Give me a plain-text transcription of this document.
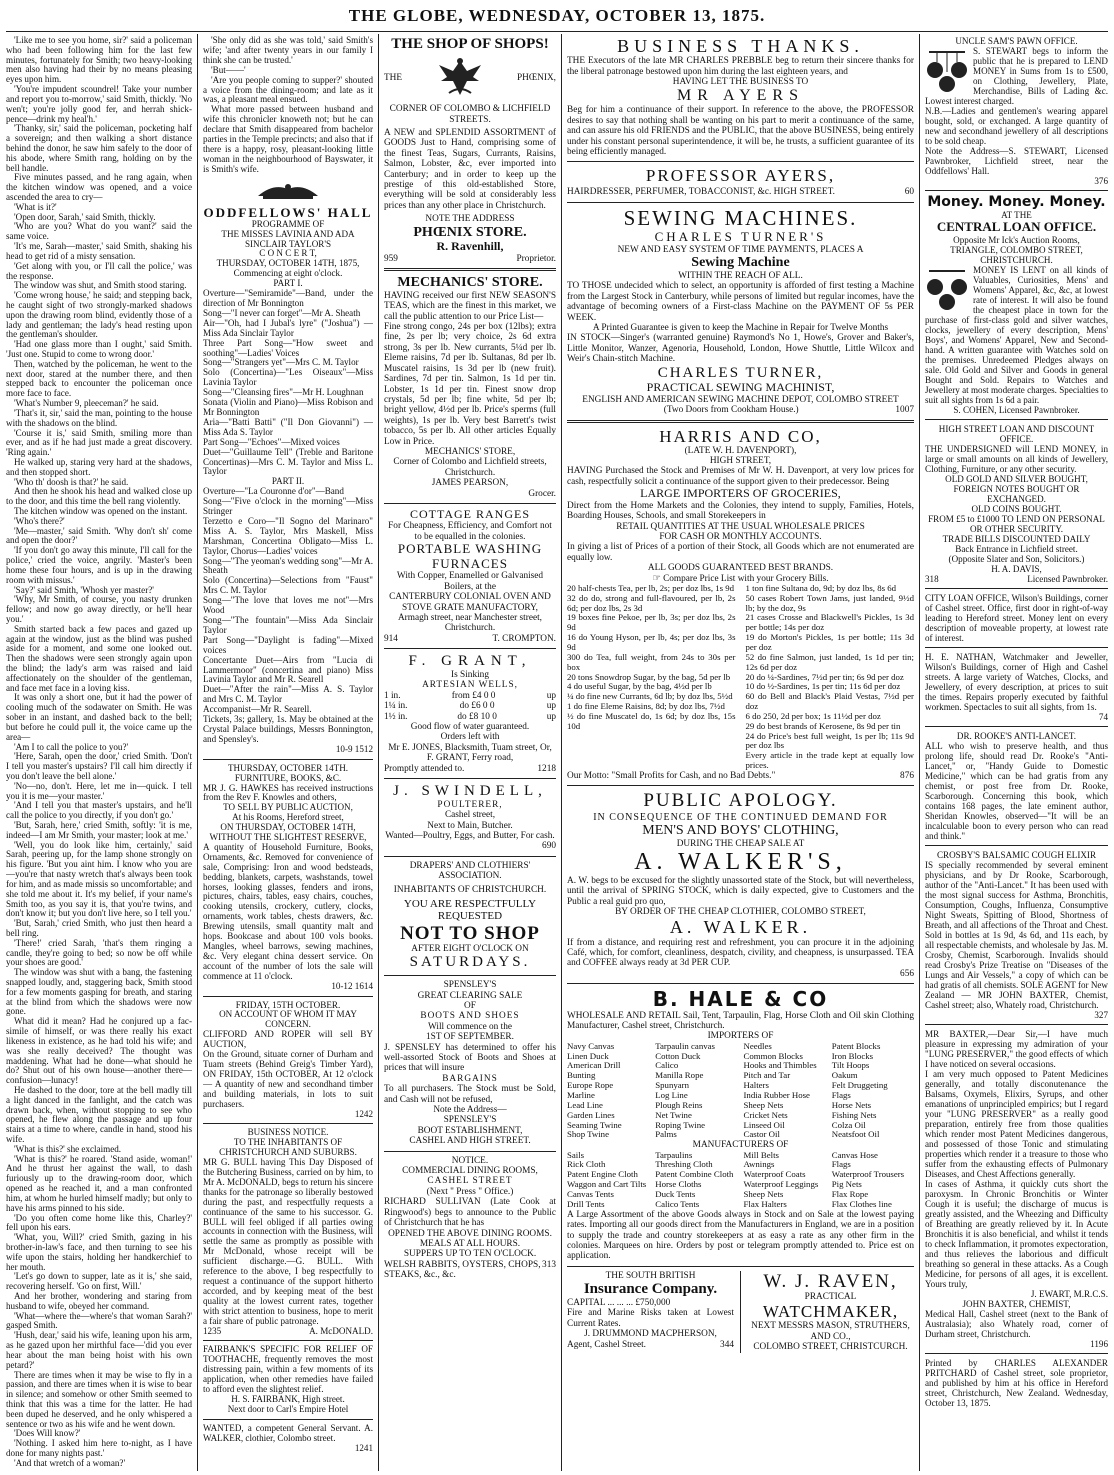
THE GLOBE, WEDNESDAY, OCTOBER 13, 1875.

'Like me to see you home, sir?' said a policeman who had been following him for the last few minutes, fortunately for Smith; two heavy-looking men also having had their by no means pleasing eyes upon him.

'You're impudent scoundrel! Take your number and report you to-morrow,' said Smith, thickly. 'No wen't; you're jolly good fer, and herrah shick-pence—drink my heal'h.'

'Thanky, sir,' said the policeman, pocketing half a sovereign; and then walking a short distance behind the donor, he saw him safely to the door of his abode, where Smith rang, holding on by the bell handle.

Five minutes passed, and he rang again, when the kitchen window was opened, and a voice ascended the area to cry—

'What is it?'

'Open door, Sarah,' said Smith, thickly.

'Who are you? What do you want?' said the same voice.

'It's me, Sarah—master,' said Smith, shaking his head to get rid of a misty sensation.

'Get along with you, or I'll call the police,' was the response.

The window was shut, and Smith stood staring.

'Come wrong house,' he said; and stepping back, he caught sight of two strongly-marked shadows upon the drawing room blind, evidently those of a lady and gentleman; the lady's head resting upon the gentleman's shoulder.

'Had one glass more than I ought,' said Smith. 'Just one. Stupid to come to wrong door.'

Then, watched by the policeman, he went to the next door, stared at the number there, and then stepped back to encounter the policeman once more face to face.

'What's Number 9, pleeceman?' he said.

'That's it, sir,' said the man, pointing to the house with the shadows on the blind.

'Course it is,' said Smith, smiling more than ever, and as if he had just made a great discovery. 'Ring again.'

He walked up, staring very hard at the shadows, and then stopped short.

'Who th' doosh is that?' he said.

And then he shook his head and walked close up to the door, and this time the bell rang violently.

The kitchen window was opened on the instant.

'Who's there?'

'Me—master,' said Smith. 'Why don't sh' come and open the door?'

'If you don't go away this minute, I'll call for the police,' cried the voice, angrily. 'Master's been home these four hours, and is up in the drawing room with missus.'

'Say?' said Smith, 'Whosh yer master?'

'Why, Mr Smith, of course, you nasty drunken fellow; and now go away directly, or he'll hear you.'

Smith started back a few paces and gazed up again at the window, just as the blind was pushed aside for a moment, and some one looked out. Then the shadows were seen strongly again upon the blind; the lady's arm was raised and laid affectionately on the shoulder of the gentleman, and face met face in a loving kiss.

It was only a short one, but it had the power of cooling much of the sodawater on Smith. He was sober in an instant, and dashed back to the bell; but before he could pull it, the voice came up the area—

'Am I to call the police to you?'

'Here, Sarah, open the door,' cried Smith. 'Don't I tell you master's upstairs? I'll call him directly if you don't leave the bell alone.'

'No—no, don't. Here, let me in—quick. I tell you it is me—your master.'

'And I tell you that master's upstairs, and he'll call the police to you directly, if you don't go.'

'But, Sarah, here,' cried Smith, softly: 'it is me, indeed—I am Mr Smith, your master; look at me.'

'Well, you do look like him, certainly,' said Sarah, peering up, for the lamp shone strongly on his figure. 'But you aint him. I know who you are—you're that nasty wretch that's always been took for him, and as made missis so uncomfortable; and she told me about it. It's my belief, if your name's Smith too, as you say it is, that you're twins, and don't know it; but you don't live here, so I tell you.'

'But, Sarah,' cried Smith, who just then heard a bell ring.

'There!' cried Sarah, 'that's them ringing a candle, they're going to bed; so now be off while your shoes are good.'

The window was shut with a bang, the fastening snapped loudly, and, staggering back, Smith stood for a few moments gasping for breath, and staring at the blind from which the shadows were now gone.

What did it mean? Had he conjured up a fac-simile of himself, or was there really his exact likeness in existence, as he had told his wife; and was she really deceived? The thought was maddening. What had he done—what should he do? Shut out of his own house—another there—confusion—lunacy!

He dashed to the door, tore at the bell madly till a light danced in the fanlight, and the catch was drawn back, when, without stopping to see who opened, he flew along the passage and up four stairs at a time to where, candle in hand, stood his wife.

'What is this?' she exclaimed.

'What is this?' he roared. 'Stand aside, woman!' And he thrust her against the wall, to dash furiously up to the drawing-room door, which opened as he reached it, and a man confronted him, at whom he hurled himself madly; but only to have his arms pinned to his side.

'Do you often come home like this, Charley?' fell upon his ears.

'What, you, Will?' cried Smith, gazing in his brother-in-law's face, and then turning to see his wife upon the stairs, holding her handkerchief to her mouth.

'Let's go down to supper, late as it is,' she said, recovering herself. 'Go on first, Will.'

And her brother, wondering and staring from husband to wife, obeyed her command.

'What—where the—where's that woman Sarah?' gasped Smith.

'Hush, dear,' said his wife, leaning upon his arm, as he gazed upon her mirthful face—'did you ever hear about the man being hoist with his own petard?'

There are times when it may be wise to fly in a passion, and there are times when it is wise to bear in silence; and somehow or other Smith seemed to think that this was a time for the latter. He had been duped he deserved, and he only whispered a sentence or two as his wife and he went down.

'Does Will know?'

'Nothing. I asked him here to-night, as I have done for many nights past.'

'And that wretch of a woman?'

'She only did as she was told,' said Smith's wife; 'and after twenty years in our family I think she can be trusted.'

'But——'

'Are you people coming to supper?' shouted a voice from the dining-room; and late as it was, a pleasant meal ensued.

What more passed between husband and wife this chronicler knoweth not; but he can declare that Smith disappeared from bachelor parties in the Temple precincts; and also that if there is a happy, rosy, pleasant-looking little woman in the neighbourhood of Bayswater, it is Smith's wife.

ODDFELLOWS' HALL
PROGRAMME OF
THE MISSES LAVINIA AND ADA SINCLAIR TAYLOR'S
C O N C E R T,
THURSDAY, OCTOBER 14TH, 1875,
Commencing at eight o'clock.
PART I.

Overture—"Semiramide"—Band, under the direction of Mr Bonnington

Song—"I never can forget"—Mr A. Sheath

Air—"Oh, had I Jubal's lyre" ("Joshua") —Miss Ada Sinclair Taylor

Three Part Song—"How sweet and soothing"—Ladies' Voices

Song—"Strangers yet"—Mrs C. M. Taylor

Solo (Concertina)—"Les Oiseaux"—Miss Lavinia Taylor

Song—"Cleansing fires"—Mr H. Loughnan

Sonata (Violin and Piano)—Miss Robison and Mr Bonnington

Aria—"Batti Batti" ("Il Don Giovanni") —Miss Ada S. Taylor

Part Song—"Echoes"—Mixed voices

Duet—"Guillaume Tell" (Treble and Baritone Concertinas)—Mrs C. M. Taylor and Miss L. Taylor

PART II.

Overture—"La Couronne d'or"—Band

Song—"Five o'clock in the morning"—Miss Stringer

Terzetto e Coro—"Il Sogno del Marinaro" Miss A. S. Taylor, Mrs Maskell, Miss Marshman, Concertina Obligato—Miss L. Taylor, Chorus—Ladies' voices

Song—"The yeoman's wedding song"—Mr A. Sheath

Solo (Concertina)—Selections from "Faust" Mrs C. M. Taylor

Song—"The love that loves me not"—Mrs Wood

Song—"The fountain"—Miss Ada Sinclair Taylor

Part Song—"Daylight is fading"—Mixed voices

Concertante Duet—Airs from "Lucia di Lammermoor" (concertina and piano) Miss Lavinia Taylor and Mr R. Searell

Duet—"After the rain"—Miss A. S. Taylor and Mrs C. M. Taylor

Accompanist—Mr R. Searell.

Tickets, 3s; gallery, 1s. May be obtained at the Crystal Palace buildings, Messrs Bonnington, and Spensley's.

10-9 1512
THURSDAY, OCTOBER 14TH.
FURNITURE, BOOKS, &C.

MR J. G. HAWKES has received instructions from the Rev F. Knowles and others,

TO SELL BY PUBLIC AUCTION,
At his Rooms, Hereford street,
ON THURSDAY, OCTOBER 14TH,
WITHOUT THE SLIGHTEST RESERVE,

A quantity of Household Furniture, Books, Ornaments, &c. Removed for convenience of sale, Comprising: Iron and wood bedsteads, bedding, blankets, carpets, washstands, towel horses, looking glasses, fenders and irons, pictures, chairs, tables, easy chairs, couches, cooking utensils, crockery, cutlery, clocks, ornaments, work tables, chests drawers, &c. Brewing utensils, small quantity malt and hops. Bookcase and about 100 vols books. Mangles, wheel barrows, sewing machines, &c. Very elegant china dessert service. On account of the number of lots the sale will commence at 11 o'clock.

10-12 1614
FRIDAY, 15TH OCTOBER.
ON ACCOUNT OF WHOM IT MAY CONCERN.

CLIFFORD AND ROPER will sell BY AUCTION,

On the Ground, situate corner of Durham and Tuam streets (Behind Greig's Timber Yard), ON FRIDAY, 15th OCTOBER, At 12 o'clock— A quantity of new and secondhand timber and building materials, in lots to suit purchasers.

1242
BUSINESS NOTICE.
TO THE INHABITANTS OF CHRISTCHURCH AND SUBURBS.

MR G. BULL having This Day Disposed of the Butchering Business, carried on by him, to Mr A. McDONALD, begs to return his sincere thanks for the patronage so liberally bestowed during the past, and respectfully requests a continuance of the same to his successor. G. BULL will feel obliged if all parties owing accounts in connection with the Business, will settle the same as promptly as possible with Mr McDonald, whose receipt will be sufficient discharge.—G. BULL. With reference to the above, I beg respectfully to request a continuance of the support hitherto accorded, and by keeping meat of the best quality at the lowest current rates, together with strict attention to business, hope to merit a fair share of public patronage.

1235	A. McDONALD.

FAIRBANK'S SPECIFIC FOR RELIEF OF TOOTHACHE, frequently removes the most distressing pain, within a few moments of its application, when other remedies have failed to afford even the slightest relief.

H. S. FAIRBANK, High street.
Next door to Carl's Empire Hotel

WANTED, a competent General Servant. A. WALKER, clothier, Colombo street.

1241
THE SHOP OF SHOPS!
THE	PHŒNIX,
CORNER OF COLOMBO & LICHFIELD STREETS.

A NEW and SPLENDID ASSORTMENT of GOODS Just to Hand, comprising some of the finest Teas, Sugars, Currants, Raisins, Salmon, Lobster, &c, ever imported into Canterbury; and in order to keep up the prestige of this old-established Store, everything will be sold at considerably less prices than any other place in Christchurch.

NOTE THE ADDRESS
PHŒNIX STORE.
R. Ravenhill,
959	Proprietor.
MECHANICS' STORE.

HAVING received our first NEW SEASON'S TEAS, which are the finest in this market, we call the public attention to our Price List—

Fine strong congo, 24s per box (12lbs); extra fine, 2s per lb; very choice, 2s 6d extra strong, 3s per lb. New currants, 5¼d per lb. Eleme raisins, 7d per lb. Sultanas, 8d per lb. Muscatel raisins, 1s 3d per lb (new fruit). Sardines, 7d per tin. Salmon, 1s 1d per tin. Lobster, 1s 1d per tin. Finest snow drop crystals, 5d per lb; fine white, 5d per lb; bright yellow, 4½d per lb. Price's sperms (full weights), 1s per lb. Very best Barrett's twist tobacco, 5s per lb. All other articles Equally Low in Price.

MECHANICS' STORE,
Corner of Colombo and Lichfield streets, Christchurch.
JAMES PEARSON,
Grocer.
COTTAGE RANGES
For Cheapness, Efficiency, and Comfort not to be equalled in the colonies.
PORTABLE WASHING
FURNACES
With Copper, Enamelled or Galvanised Boilers, at the
CANTERBURY COLONIAL OVEN AND STOVE GRATE MANUFACTORY,
Armagh street, near Manchester street, Christchurch.
914	T. CROMPTON.
F. GRANT,
Is Sinking
ARTESIAN WELLS,
1 in.	from £4 0 0	up
1¼ in.	do £6 0 0	up
1½ in.	do £8 10 0	up
Good flow of water guaranteed.
Orders left with
Mr E. JONES, Blacksmith, Tuam street, Or,
F. GRANT, Ferry road,
Promptly attended to.	1218
J. SWINDELL,
POULTERER,
Cashel street,
Next to Main, Butcher.
Wanted—Poultry, Eggs, and Butter, For cash.
690
DRAPERS' AND CLOTHIERS' ASSOCIATION.
INHABITANTS OF CHRISTCHURCH.
YOU ARE RESPECTFULLY REQUESTED
NOT TO SHOP
AFTER EIGHT O'CLOCK ON
SATURDAYS.
SPENSLEY'S
GREAT CLEARING SALE
OF
BOOTS AND SHOES
Will commence on the
1ST OF SEPTEMBER.

J. SPENSLEY has determined to offer his well-assorted Stock of Boots and Shoes at prices that will insure

BARGAINS

To all purchasers. The Stock must be Sold, and Cash will not be refused,

Note the Address—
SPENSLEY'S
BOOT ESTABLISHMENT,
CASHEL AND HIGH STREET.
NOTICE.
COMMERCIAL DINING ROOMS,
CASHEL STREET
(Next " Press " Office.)

RICHARD SULLIVAN (Late Cook at Ringwood's) begs to announce to the Public of Christchurch that he has

OPENED THE ABOVE DINING ROOMS.
MEALS AT ALL HOURS.
SUPPERS UP TO TEN O'CLOCK.
WELSH RABBITS, OYSTERS, CHOPS, STEAKS, &c., &c.
313
BUSINESS THANKS.

THE Executors of the late MR CHARLES PREBBLE beg to return their sincere thanks for the liberal patronage bestowed upon him during the last eighteen years, and

HAVING LET THE BUSINESS TO
MR AYERS

Beg for him a continuance of their support. In reference to the above, the PROFESSOR desires to say that nothing shall be wanting on his part to merit a continuance of the same, and can assure his old FRIENDS and the PUBLIC, that the above BUSINESS, being entirely under his constant personal superintendence, it will be, he trusts, a sufficient guarantee of its being efficiently managed.

PROFESSOR AYERS,
HAIRDRESSER, PERFUMER, TOBACCONIST, &c. HIGH STREET.	60
SEWING MACHINES.
CHARLES TURNER'S
NEW AND EASY SYSTEM OF TIME PAYMENTS, PLACES A
Sewing Machine
WITHIN THE REACH OF ALL.

TO THOSE undecided which to select, an opportunity is afforded of first testing a Machine from the Largest Stock in Canterbury, while persons of limited but regular incomes, have the advantage of becoming owners of a First-class Machine on the PAYMENT OF 5s PER WEEK.

A Printed Guarantee is given to keep the Machine in Repair for Twelve Months

IN STOCK—Singer's (warranted genuine) Raymond's No 1, Howe's, Grover and Baker's, Little Monitor, Wanzer, Agenoria, Household, London, Howe Shuttle, Little Wilcox and Weir's Chain-stitch Machine.

CHARLES TURNER,
PRACTICAL SEWING MACHINIST,
ENGLISH AND AMERICAN SEWING MACHINE DEPOT, COLOMBO STREET
(Two Doors from Cookham House.)	1007
HARRIS AND CO,
(LATE W. H. DAVENPORT),
HIGH STREET,

HAVING Purchased the Stock and Premises of Mr W. H. Davenport, at very low prices for cash, respectfully solicit a continuance of the support given to their predecessor. Being

LARGE IMPORTERS OF GROCERIES,

Direct from the Home Markets and the Colonies, they intend to supply, Families, Hotels, Boarding Houses, Schools, and small Storekeepers in

RETAIL QUANTITIES AT THE USUAL WHOLESALE PRICES
FOR CASH OR MONTHLY ACCOUNTS.

In giving a list of Prices of a portion of their Stock, all Goods which are not enumerated are equally low.

ALL GOODS GUARANTEED BEST BRANDS.
☞ Compare Price List with your Grocery Bills.

20 half-chests Tea, per lb, 2s; per doz lbs, 1s 9d

32 do do, strong and full-flavoured, per lb, 2s 6d; per doz lbs, 2s 3d

19 boxes fine Pekoe, per lb, 3s; per doz lbs, 2s 9d

16 do Young Hyson, per lb, 4s; per doz lbs, 3s 9d

300 do Tea, full weight, from 24s to 30s per box

20 tons Snowdrop Sugar, by the bag, 5d per lb

4 do useful Sugar, by the bag, 4½d per lb

¼ do fine new Currants, 6d lb; by doz lbs, 5½d

1 do fine Eleme Raisins, 8d; by doz lbs, 7½d

½ do fine Muscatel do, 1s 6d; by doz lbs, 15s 10d

1 ton fine Sultana do, 9d; by doz lbs, 8s 6d

50 cases Robert Town Jams, just landed, 9½d lb; by the doz, 9s

21 cases Crosse and Blackwell's Pickles, 1s 3d per bottle; 14s per doz

19 do Morton's Pickles, 1s per bottle; 11s 3d per doz

52 do fine Salmon, just landed, 1s 1d per tin; 12s 6d per doz

20 do ¼-Sardines, 7½d per tin; 6s 9d per doz

10 do ½-Sardines, 1s per tin; 11s 6d per doz

60 do Bell and Black's Plaid Vestas, 7½d per doz

6 do 250, 2d per box; 1s 11½d per doz

29 do best brands of Kerosene, 8s 9d per tin

24 do Price's best full weight, 1s per lb; 11s 9d per doz lbs

Every article in the trade kept at equally low prices.

Our Motto: "Small Profits for Cash, and no Bad Debts."	876
PUBLIC APOLOGY.
IN CONSEQUENCE OF THE CONTINUED DEMAND FOR
MEN'S AND BOYS' CLOTHING,
DURING THE CHEAP SALE AT
A. WALKER'S,

A. W. begs to be excused for the slightly unassorted state of the Stock, but will nevertheless, until the arrival of SPRING STOCK, which is daily expected, give to Customers and the Public a real guid pro quo,

BY ORDER OF THE CHEAP CLOTHIER, COLOMBO STREET,
A. WALKER.

If from a distance, and requiring rest and refreshment, you can procure it in the adjoining Café, which, for comfort, cleanliness, despatch, civility, and cheapness, is unsurpassed. TEA and COFFEE always ready at 3d PER CUP.

656
B. HALE & CO

WHOLESALE AND RETAIL Sail, Tent, Tarpaulin, Flag, Horse Cloth and Oil skin Clothing Manufacturer, Cashel street, Christchurch.

IMPORTERS OF
Navy Canvas	Tarpaulin canvas	Needles	Patent Blocks
Linen Duck	Cotton Duck	Common Blocks	Iron Blocks
American Drill	Calico	Hooks and Thimbles	Tilt Hoops
Bunting	Manilla Rope	Pitch and Tar	Oakum
Europe Rope	Spunyarn	Halters	Felt Druggeting
Marline	Log Line	India Rubber Hose	Flags
Lead Line	Plough Reins	Sheep Nets	Horse Nets
Garden Lines	Net Twine	Cricket Nets	Fishing Nets
Seaming Twine	Roping Twine	Linseed Oil	Colza Oil
Shop Twine	Palms	Castor Oil	Neatsfoot Oil
MANUFACTURERS OF
Sails	Tarpaulins	Mill Belts	Canvas Hose
Rick Cloth	Threshing Cloth	Awnings	Flags
Patent Engine Cloth	Patent Combine Cloth	Waterproof Coats	Waterproof Trousers
Waggon and Cart Tilts	Horse Cloths	Waterproof Leggings	Pig Nets
Canvas Tents	Duck Tents	Sheep Nets	Flax Rope
Drill Tents	Calico Tents	Flax Halters	Flax Clothes line

A Large Assortment of the above Goods always in Stock and on Sale at the lowest paying rates. Importing all our goods direct from the Manufacturers in England, we are in a position to supply the trade and country storekeepers at as easy a rate as any other firm in the colonies. Marquees on hire. Orders by post or telegram promptly attended to. Price est on application.

THE SOUTH BRITISH
Insurance Company.
CAPITAL ... ... ... £750,000

Fire and Marine Risks taken at Lowest Current Rates.

J. DRUMMOND MACPHERSON,
Agent, Cashel Street.	344
W. J. RAVEN,
PRACTICAL
WATCHMAKER,
NEXT MESSRS MASON, STRUTHERS,
AND CO.,
COLOMBO STREET, CHRISTCURCH.
UNCLE SAM'S PAWN OFFICE.

S. STEWART begs to inform the public that he is prepared to LEND MONEY in Sums from 1s to £500, on Clothing, Jewellery, Plate, Merchandise, Bills of Lading &c. Lowest interest charged.

N.B.—Ladies and gentlemen's wearing apparel bought, sold, or exchanged. A large quantity of new and secondhand jewellery of all descriptions to be sold cheap.

Note the Address—S. STEWART, Licensed Pawnbroker, Lichfield street, near the Oddfellows' Hall.

376
Money. Money. Money.
AT THE
CENTRAL LOAN OFFICE.
Opposite Mr Ick's Auction Rooms,
TRIANGLE, COLOMBO STREET,
CHRISTCHURCH.

MONEY IS LENT on all kinds of Valuables, Curiosities, Mens' and Womens' Apparel, &c, &c, at lowest rate of interest. It will also be found the cheapest place in town for the purchase of first-class gold and silver watches, clocks, jewellery of every description, Mens' Boys', and Womens' Apparel, New and Second-hand. A written guarantee with Watches sold on the premises. Unredeemed Pledges always on sale. Old Gold and Silver and Goods in general Bought and Sold. Repairs to Watches and Jewellery at most moderate charges. Specialties to suit all sights from 1s 6d a pair.

S. COHEN, Licensed Pawnbroker.
HIGH STREET LOAN AND DISCOUNT OFFICE.

THE UNDERSIGNED will LEND MONEY, in large or small amounts on all kinds of Jewellery, Clothing, Furniture, or any other security.

OLD GOLD AND SILVER BOUGHT, FOREIGN NOTES BOUGHT OR EXCHANGED.
OLD COINS BOUGHT.
FROM £5 to £1000 TO LEND ON PERSONAL OR OTHER SECURITY.
TRADE BILLS DISCOUNTED DAILY
Back Entrance in Lichfield street.
(Opposite Slater and Son, Solicitors.)
H. A. DAVIS,
318	Licensed Pawnbroker.

CITY LOAN OFFICE, Wilson's Buildings, corner of Cashel street. Office, first door in right-of-way leading to Hereford street. Money lent on every description of moveable property, at lowest rate of interest.

H. E. NATHAN, Watchmaker and Jeweller, Wilson's Buildings, corner of High and Cashel streets. A large variety of Watches, Clocks, and Jewellery, of every description, at prices to suit the times. Repairs properly executed by faithful workmen. Spectacles to suit all sights, from 1s.

74
DR. ROOKE'S ANTI-LANCET.

ALL who wish to preserve health, and thus prolong life, should read Dr. Rooke's "Anti-Lancet," or, "Handy Guide to Domestic Medicine," which can be had gratis from any chemist, or post free from Dr. Rooke, Scarborough. Concerning this book, which contains 168 pages, the late eminent author, Sheridan Knowles, observed—"It will be an incalculable boon to every person who can read and think."

CROSBY'S BALSAMIC COUGH ELIXIR

IS specially recommended by several eminent physicians, and by Dr Rooke, Scarborough, author of the "Anti-Lancet." It has been used with the most signal success for Asthma, Bronchitis, Consumption, Coughs, Influenza, Consumptive Night Sweats, Spitting of Blood, Shortness of Breath, and all affections of the Throat and Chest. Sold in bottles at 1s 9d, 4s 6d, and 11s each, by all respectable chemists, and wholesale by Jas. M. Crosby, Chemist, Scarborough. Invalids should read Crosby's Prize Treatise on "Diseases of the Lungs and Air Vessels," a copy of which can be had gratis of all chemists. SOLE AGENT for New Zealand — MR JOHN BAXTER, Chemist, Cashel street; also, Whately road, Christchurch.

327

MR BAXTER,—Dear Sir,—I have much pleasure in expressing my admiration of your "LUNG PRESERVER," the good effects of which I have noticed on several occasions.

I am very much opposed to Patent Medicines generally, and totally disconutenance the Balsams, Oxymels, Elixirs, Syrups, and other emanations of unprincipled empirics; but I regard your "LUNG PRESERVER" as a really good preparation, entirely free from those qualities which render most Patent Medicines dangerous, and possessed of those Tonic and stimulating properties which render it a treasure to those who suffer from the exhausting effects of Pulmonary Diseases, and Chest Affections generally.

In cases of Asthma, it quickly cuts short the paroxysm. In Chronic Bronchitis or Winter Cough it is useful; the discharge of mucus is greatly assisted, and the Wheezing and Difficulty of Breathing are greatly relieved by it. In Acute Bronchitis it is also beneficial, and whilst it tends to check Inflammation, it promotes expectoration, and thus relieves the laborious and difficult breathing so general in these attacks. As a Cough Medicine, for persons of all ages, it is excellent. Yours truly,

J. EWART, M.R.C.S.
JOHN BAXTER, CHEMIST,

Medical Hall, Cashel street (next to the Bank of Australasia); also Whately road, corner of Durham street, Christchurch.

1196

Printed by CHARLES ALEXANDER PRITCHARD of Cashel street, sole proprietor, and published by him at his office in Hereford street, Christchurch, New Zealand. Wednesday, October 13, 1875.
